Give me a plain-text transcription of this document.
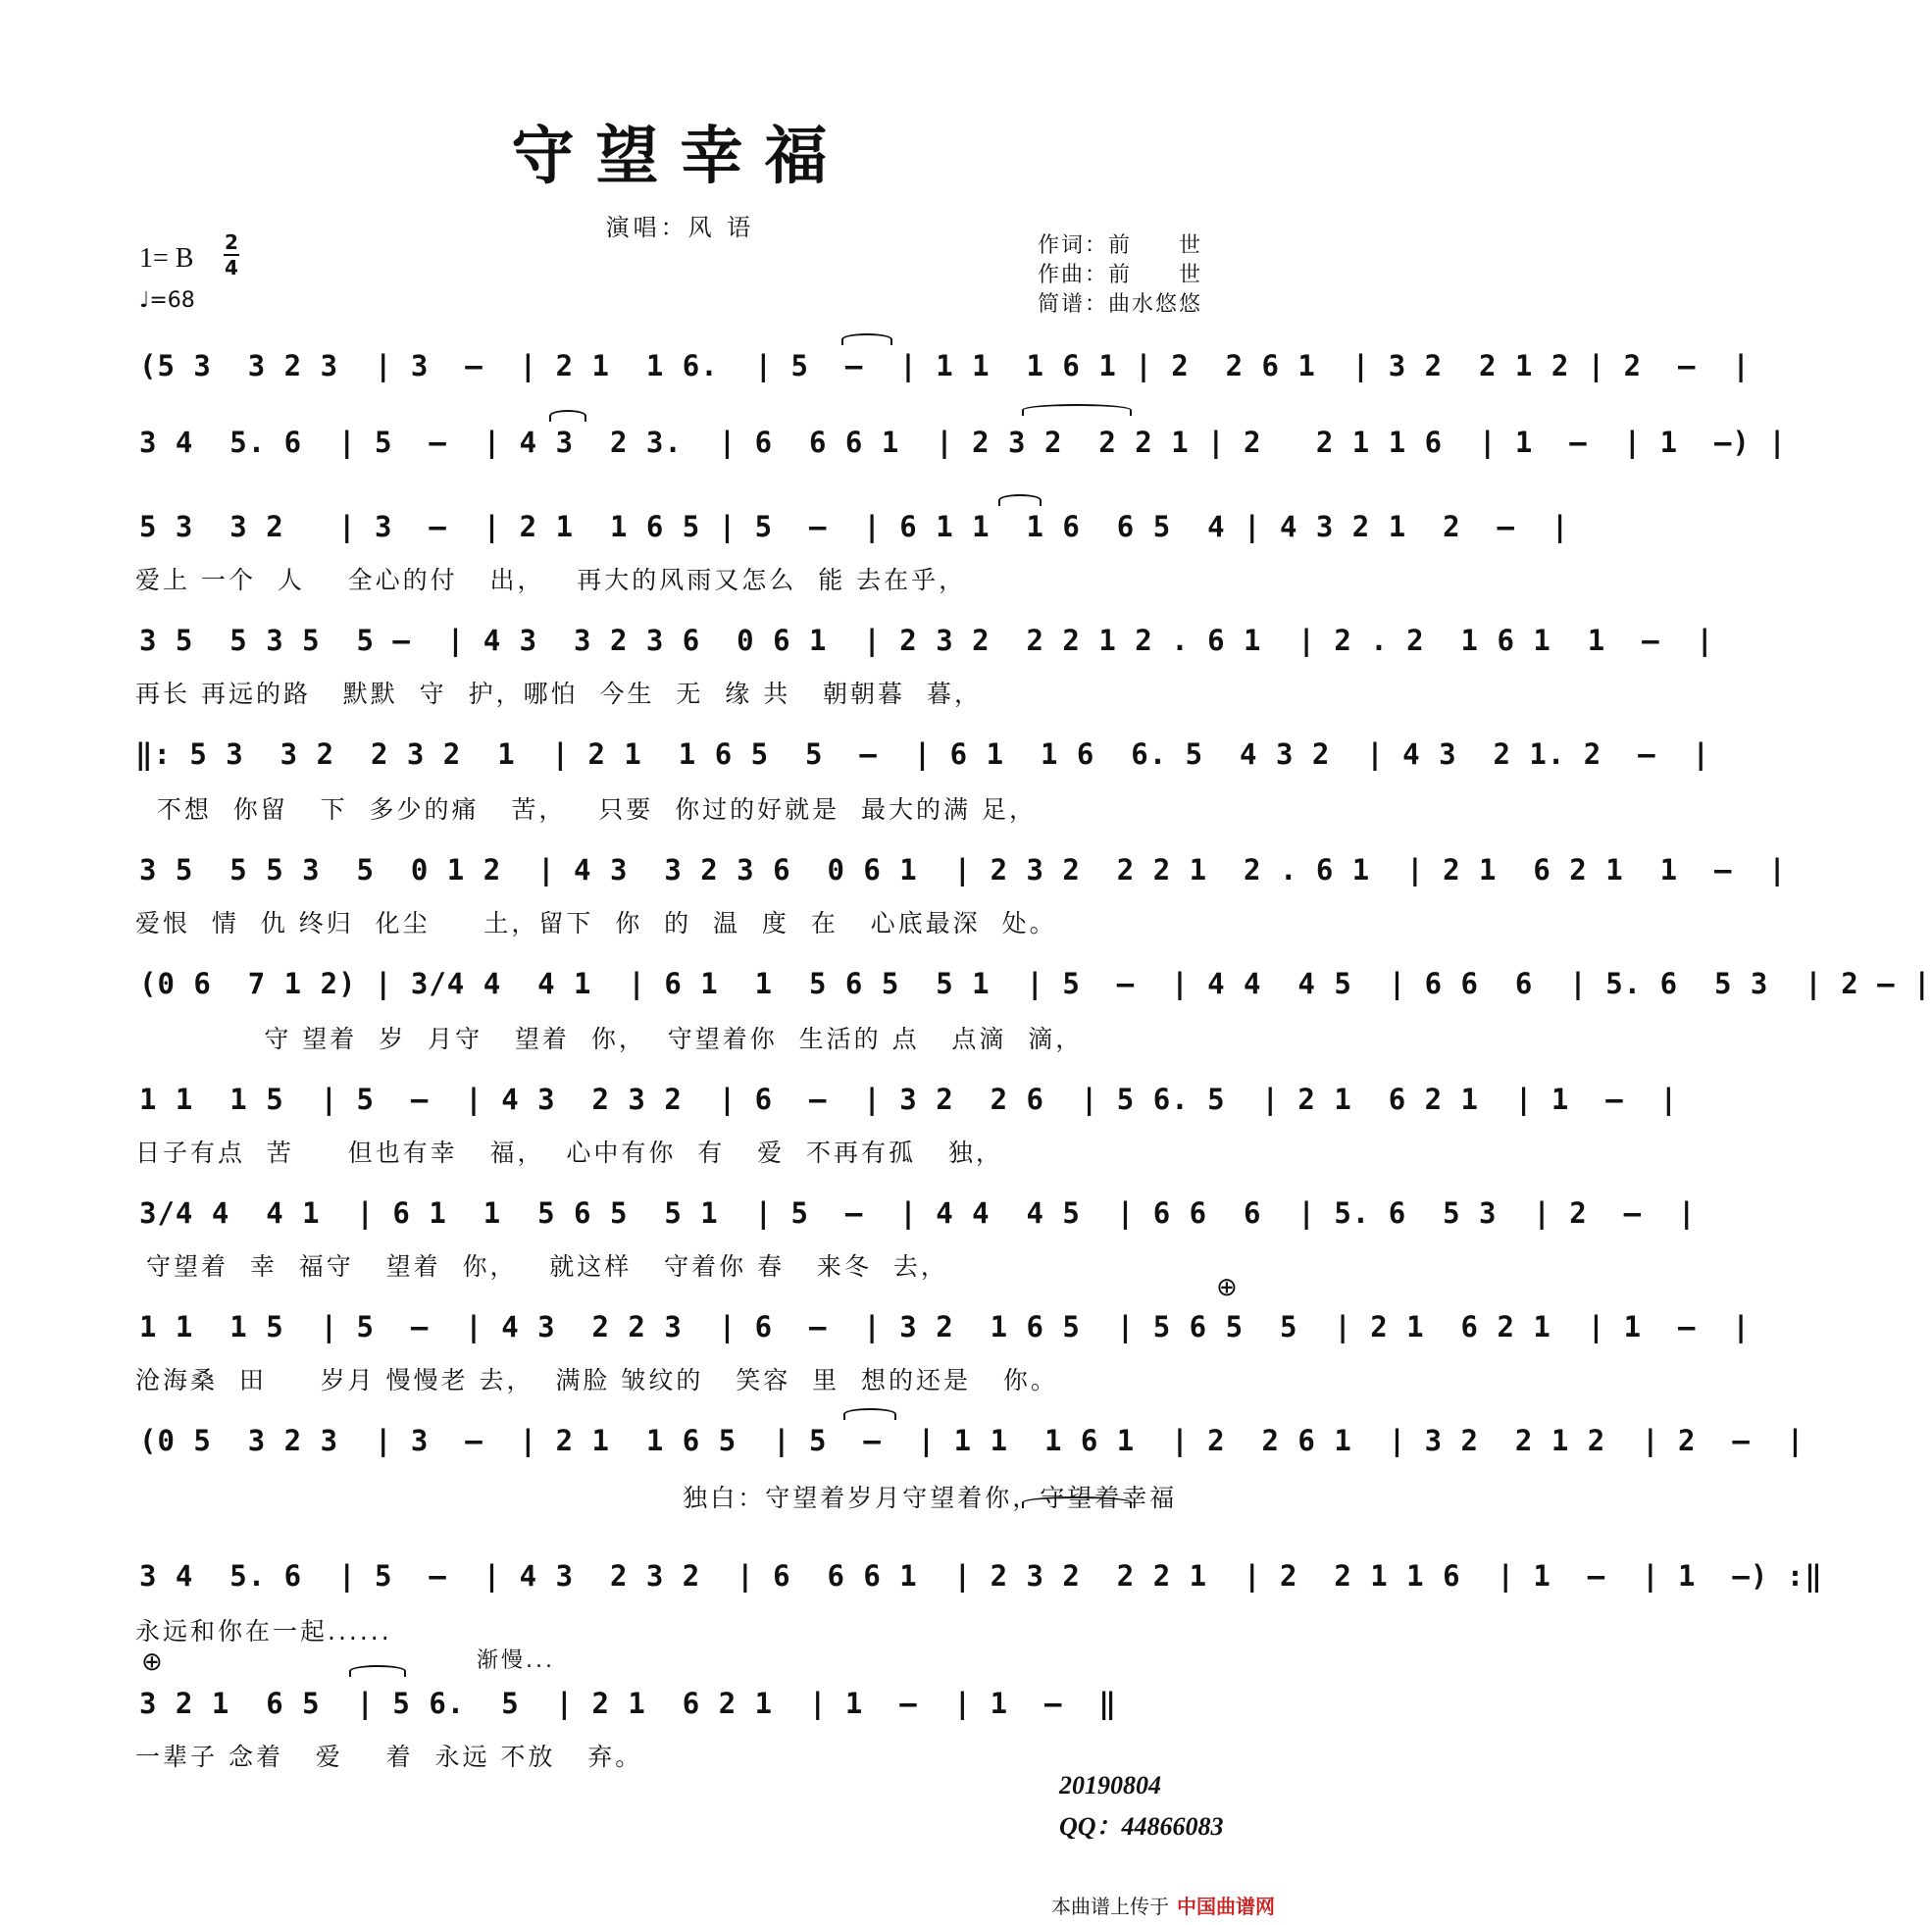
守望幸福
演唱：风 语
1= B
2
4
♩=68
作词：前　　世
作曲：前　　世
简谱：曲水悠悠
(5 3  3 2 3  | 3  –  | 2 1  1 6.  | 5  –  | 1 1  1 6 1 | 2  2 6 1  | 3 2  2 1 2 | 2  –  |
3 4  5. 6  | 5  –  | 4 3  2 3.  | 6  6 6 1  | 2 3 2  2 2 1 | 2   2 1 1 6  | 1  –  | 1  –) |
5 3  3 2   | 3  –  | 2 1  1 6 5 | 5  –  | 6 1 1  1 6  6 5  4 | 4 3 2 1  2  –  |
爱上 一个  人    全心的付   出，   再大的风雨又怎么  能 去在乎，
3 5  5 3 5  5 –  | 4 3  3 2 3 6  0 6 1  | 2 3 2  2 2 1 2 . 6 1  | 2 . 2  1 6 1  1  –  |
再长 再远的路   默默  守  护，哪怕  今生  无  缘 共   朝朝暮  暮，
‖: 5 3  3 2  2 3 2  1  | 2 1  1 6 5  5  –  | 6 1  1 6  6. 5  4 3 2  | 4 3  2 1. 2  –  |
不想  你留   下  多少的痛   苦，   只要  你过的好就是  最大的满 足，
3 5  5 5 3  5  0 1 2  | 4 3  3 2 3 6  0 6 1  | 2 3 2  2 2 1  2 . 6 1  | 2 1  6 2 1  1  –  |
爱恨  情  仇 终归  化尘     土，留下  你  的  温  度  在   心底最深  处。
(0 6  7 1 2) | 3/4 4  4 1  | 6 1  1  5 6 5  5 1  | 5  –  | 4 4  4 5  | 6 6  6  | 5. 6  5 3  | 2 – |
守 望着  岁  月守   望着  你，  守望着你  生活的 点   点滴  滴，
1 1  1 5  | 5  –  | 4 3  2 3 2  | 6  –  | 3 2  2 6  | 5 6. 5  | 2 1  6 2 1  | 1  –  |
日子有点  苦     但也有幸   福，  心中有你  有   爱  不再有孤   独，
3/4 4  4 1  | 6 1  1  5 6 5  5 1  | 5  –  | 4 4  4 5  | 6 6  6  | 5. 6  5 3  | 2  –  |
守望着  幸  福守   望着  你，   就这样   守着你 春   来冬  去，
⊕
1 1  1 5  | 5  –  | 4 3  2 2 3  | 6  –  | 3 2  1 6 5  | 5 6 5  5  | 2 1  6 2 1  | 1  –  |
沧海桑  田     岁月 慢慢老 去，  满脸 皱纹的   笑容  里  想的还是   你。
(0 5  3 2 3  | 3  –  | 2 1  1 6 5  | 5  –  | 1 1  1 6 1  | 2  2 6 1  | 3 2  2 1 2  | 2  –  |
独白：守望着岁月守望着你，守望着幸福
3 4  5. 6  | 5  –  | 4 3  2 3 2  | 6  6 6 1  | 2 3 2  2 2 1  | 2  2 1 1 6  | 1  –  | 1  –) :‖
永远和你在一起......
3 2 1  6 5  | 5 6.  5  | 2 1  6 2 1  | 1  –  | 1  –  ‖
一辈子 念着   爱    着  永远 不放   弃。
⊕	渐慢...
20190804
QQ：44866083
本曲谱上传于 中国曲谱网
